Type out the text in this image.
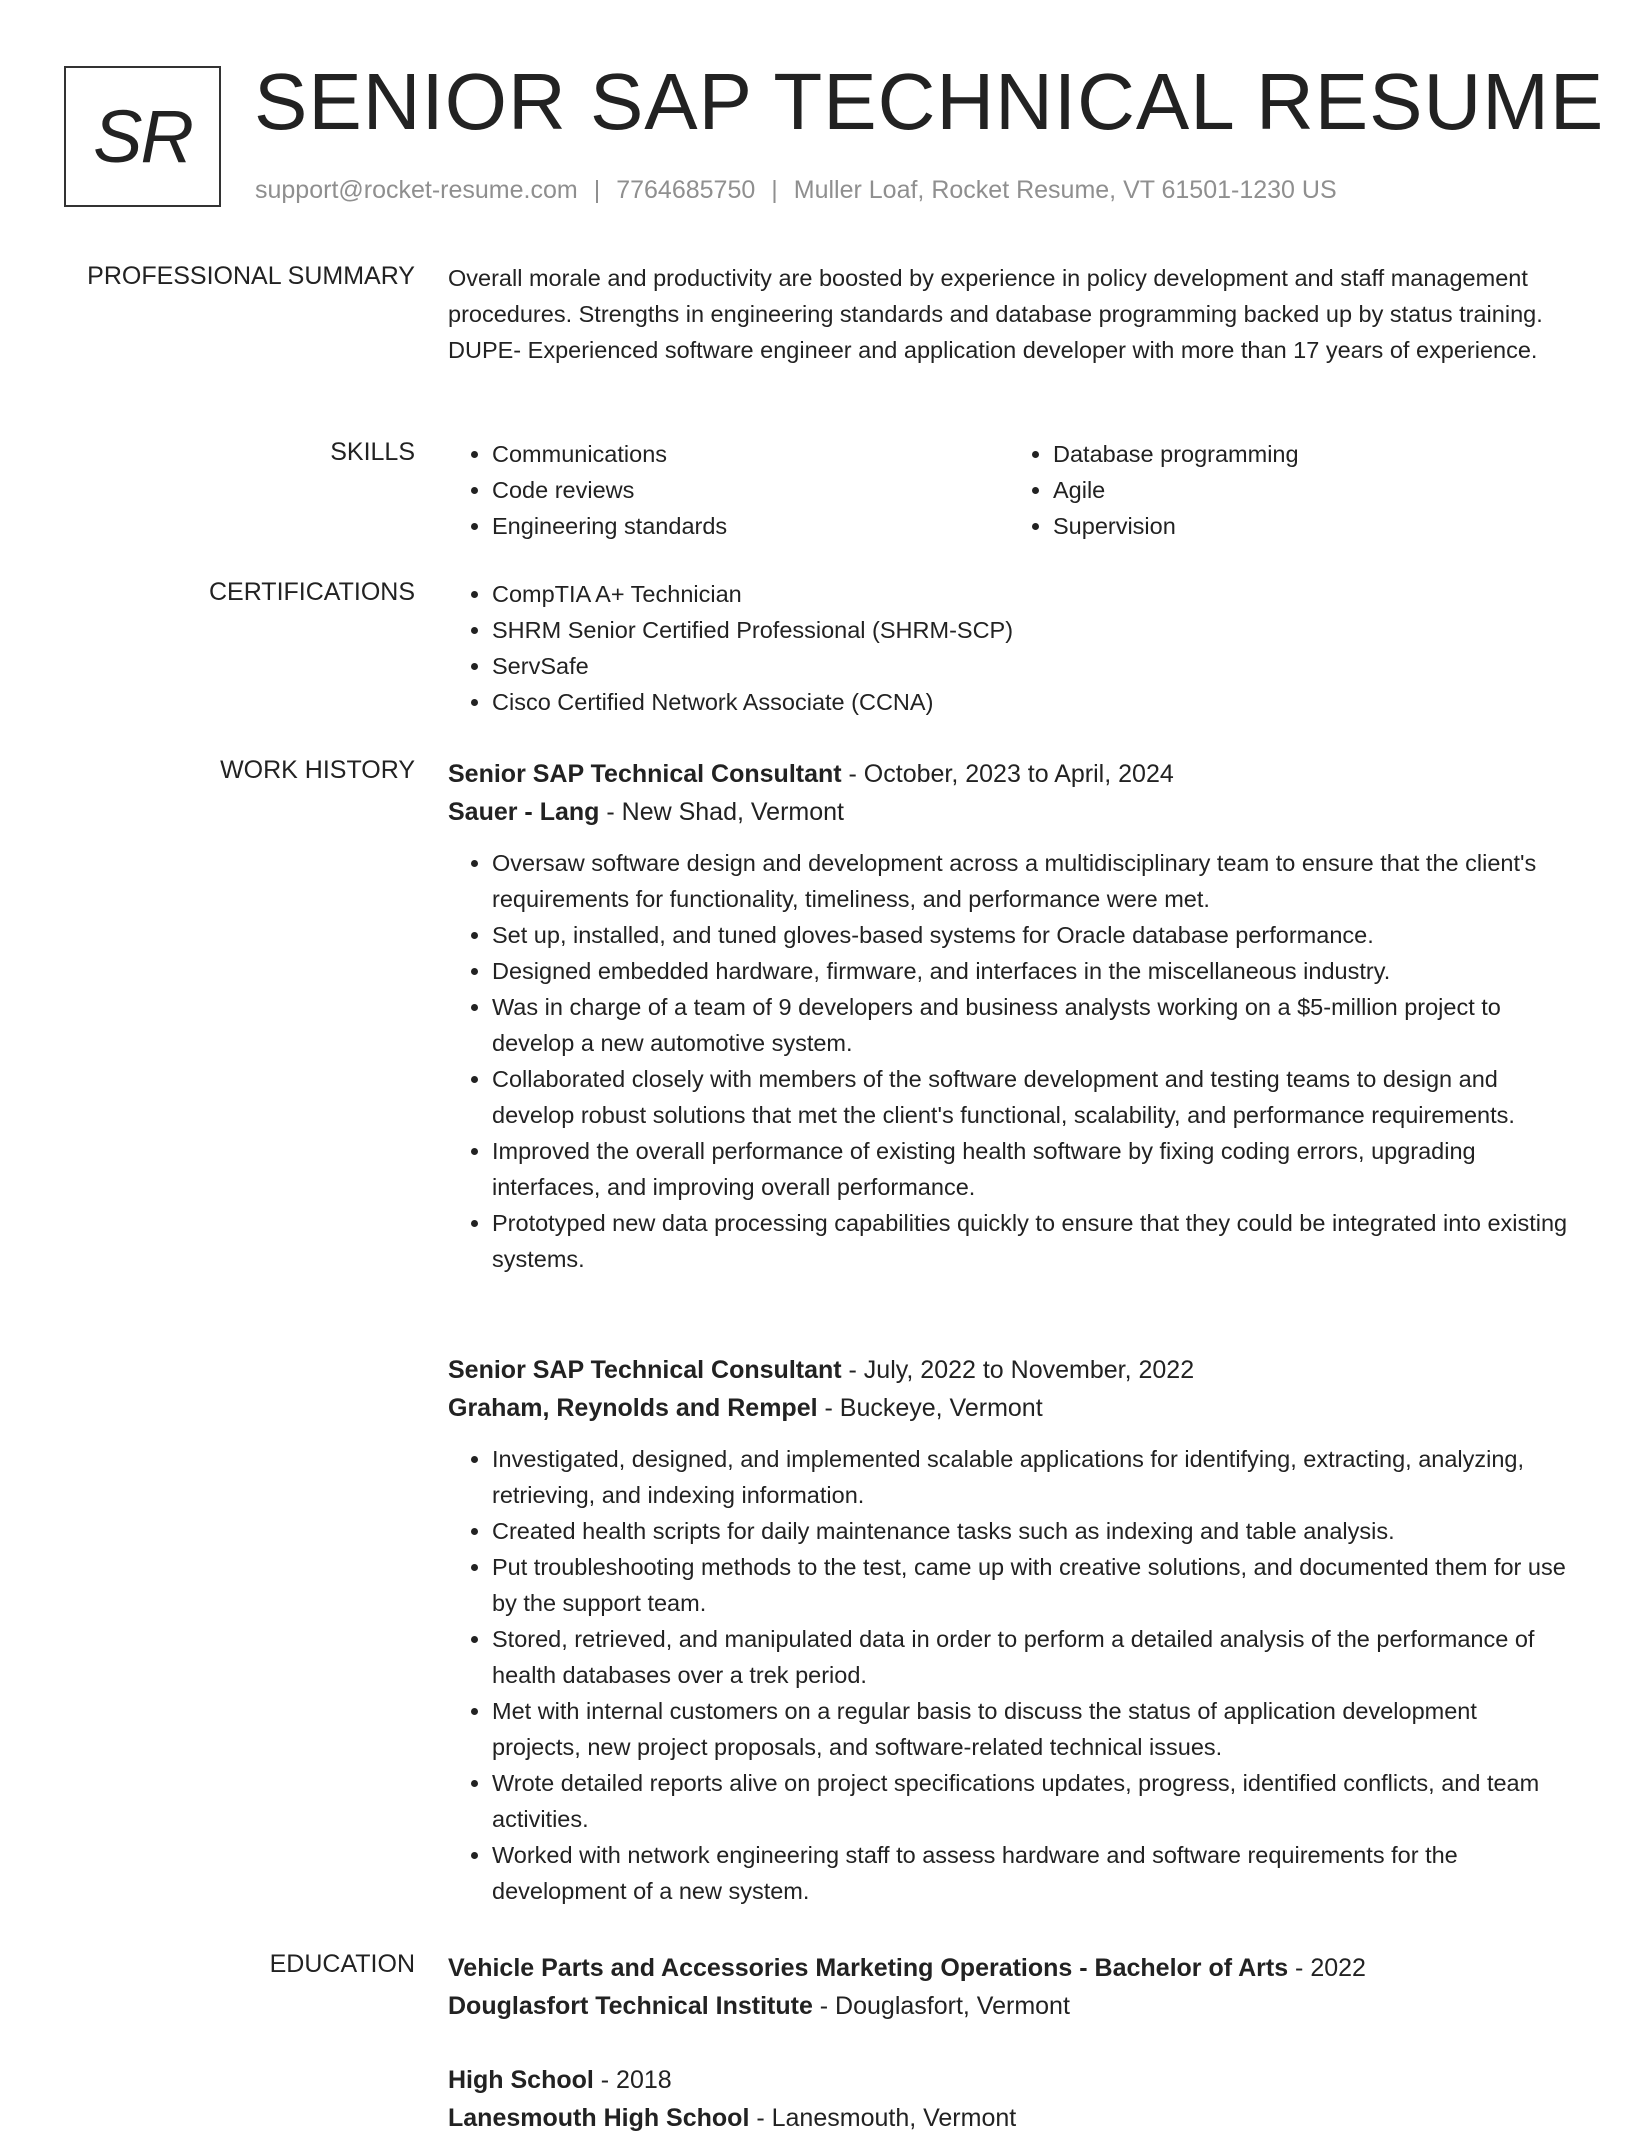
SR SENIOR SAP TECHNICAL RESUME
support@rocket-resume.com | 7764685750 | Muller Loaf, Rocket Resume, VT 61501-1230 US
PROFESSIONAL SUMMARY Overall morale and productivity are boosted by experience in policy development and staff management procedures. Strengths in engineering standards and database programming backed up by status training. DUPE- Experienced software engineer and application developer with more than 17 years of experience.

SKILLS	• Communications
• Code reviews
• Engineering standards
• Database programming
• Agile
• Supervision
CERTIFICATIONS	• CompTIA A+ Technician
• SHRM Senior Certified Professional (SHRM-SCP)
• ServSafe
• Cisco Certified Network Associate (CCNA)
WORK HISTORY Senior SAP Technical Consultant - October, 2023 to April, 2024
Sauer - Lang - New Shad, Vermont
• Oversaw software design and development across a multidisciplinary team to ensure that the client's requirements for functionality, timeliness, and performance were met.
• Set up, installed, and tuned gloves-based systems for Oracle database performance.
• Designed embedded hardware, firmware, and interfaces in the miscellaneous industry.
• Was in charge of a team of 9 developers and business analysts working on a $5-million project to develop a new automotive system.
• Collaborated closely with members of the software development and testing teams to design and develop robust solutions that met the client's functional, scalability, and performance requirements.
• Improved the overall performance of existing health software by fixing coding errors, upgrading interfaces, and improving overall performance.
• Prototyped new data processing capabilities quickly to ensure that they could be integrated into existing systems.
Senior SAP Technical Consultant - July, 2022 to November, 2022
Graham, Reynolds and Rempel - Buckeye, Vermont
• Investigated, designed, and implemented scalable applications for identifying, extracting, analyzing, retrieving, and indexing information.
• Created health scripts for daily maintenance tasks such as indexing and table analysis.
• Put troubleshooting methods to the test, came up with creative solutions, and documented them for use by the support team.
• Stored, retrieved, and manipulated data in order to perform a detailed analysis of the performance of health databases over a trek period.
• Met with internal customers on a regular basis to discuss the status of application development projects, new project proposals, and software-related technical issues.
• Wrote detailed reports alive on project specifications updates, progress, identified conflicts, and team activities.
• Worked with network engineering staff to assess hardware and software requirements for the development of a new system.
EDUCATION Vehicle Parts and Accessories Marketing Operations - Bachelor of Arts - 2022
Douglasfort Technical Institute - Douglasfort, Vermont
High School - 2018
Lanesmouth High School - Lanesmouth, Vermont
